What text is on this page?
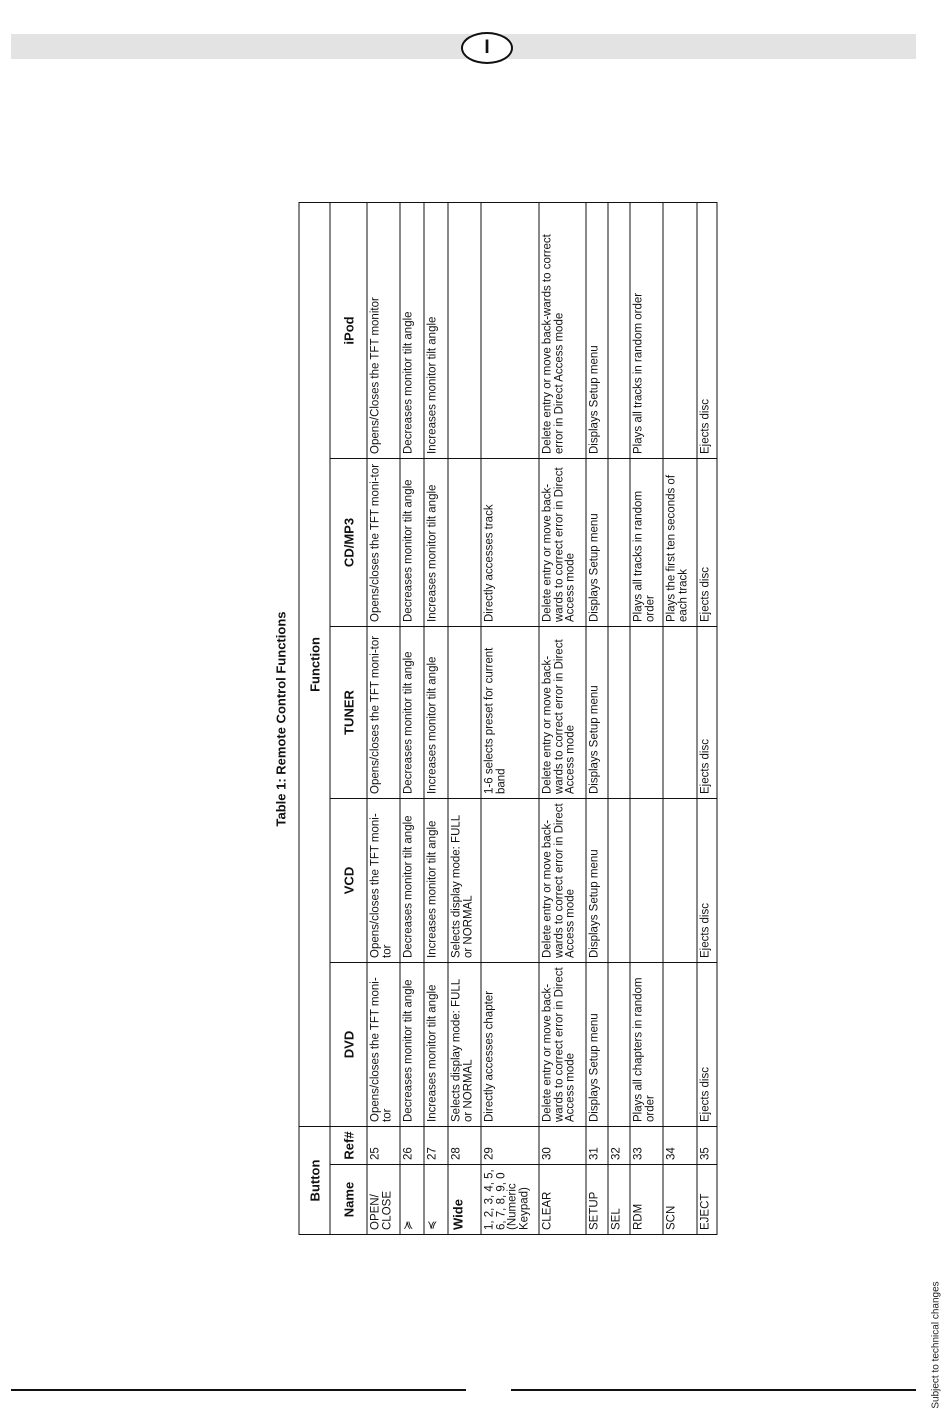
I
Table 1: Remote Control Functions
Button		Function				
Name	Ref#	DVD	VCD	TUNER	CD/MP3	iPod
OPEN/ CLOSE	25	Opens/closes the TFT moni-tor	Opens/closes the TFT moni-tor	Opens/closes the TFT moni-tor	Opens/closes the TFT moni-tor	Opens/Closes the TFT monitor
≽	26	Decreases monitor tilt angle	Decreases monitor tilt angle	Decreases monitor tilt angle	Decreases monitor tilt angle	Decreases monitor tilt angle
≼	27	Increases monitor tilt angle	Increases monitor tilt angle	Increases monitor tilt angle	Increases monitor tilt angle	Increases monitor tilt angle
Wide	28	Selects display mode: FULL or NORMAL	Selects display mode: FULL or NORMAL			
1, 2, 3, 4, 5, 6, 7, 8, 9, 0 (Numeric Keypad)	29	Directly accesses chapter		1-6 selects preset for current band	Directly accesses track	
CLEAR	30	Delete entry or move back-wards to correct error in Direct Access mode	Delete entry or move back-wards to correct error in Direct Access mode	Delete entry or move back-wards to correct error in Direct Access mode	Delete entry or move back-wards to correct error in Direct Access mode	Delete entry or move back-wards to correct error in Direct Access mode
SETUP	31	Displays Setup menu	Displays Setup menu	Displays Setup menu	Displays Setup menu	Displays Setup menu
SEL	32					
RDM	33	Plays all chapters in random order			Plays all tracks in random order	Plays all tracks in random order
SCN	34				Plays the first ten seconds of each track	
EJECT	35	Ejects disc	Ejects disc	Ejects disc	Ejects disc	Ejects disc
Subject to technical changes
